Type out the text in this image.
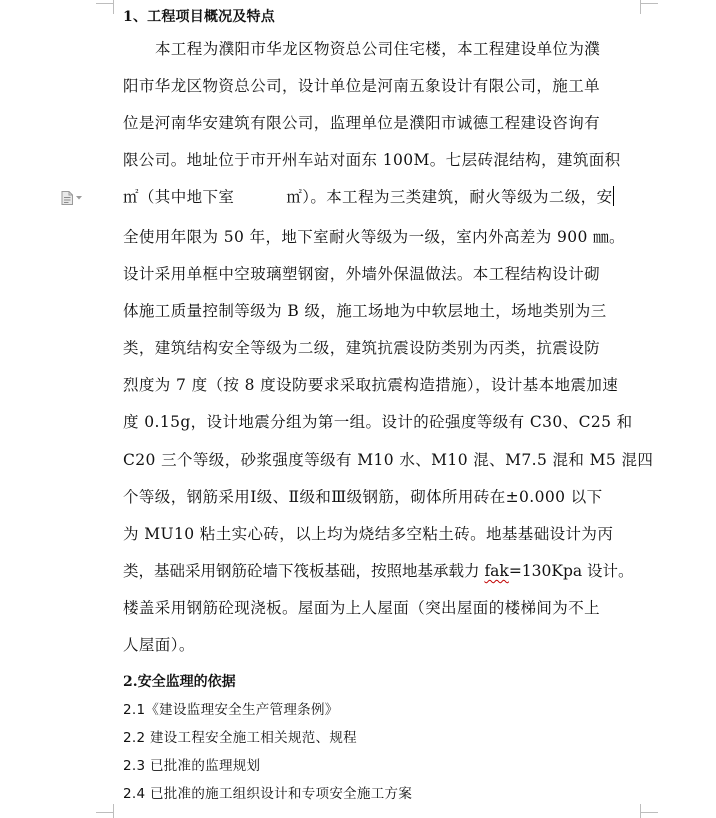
1、工程项目概况及特点
本工程为濮阳市华龙区物资总公司住宅楼，本工程建设单位为濮
阳市华龙区物资总公司，设计单位是河南五象设计有限公司，施工单
位是河南华安建筑有限公司，监理单位是濮阳市诚德工程建设咨询有
限公司。地址位于市开州车站对面东 100M。七层砖混结构，建筑面积
㎡（其中地下室	㎡）。本工程为三类建筑，耐火等级为二级，安
全使用年限为 50 年，地下室耐火等级为一级，室内外高差为 900 ㎜。
设计采用单框中空玻璃塑钢窗，外墙外保温做法。本工程结构设计砌
体施工质量控制等级为 B 级，施工场地为中软层地土，场地类别为三
类，建筑结构安全等级为二级，建筑抗震设防类别为丙类，抗震设防
烈度为 7 度（按 8 度设防要求采取抗震构造措施），设计基本地震加速
度 0.15g，设计地震分组为第一组。设计的砼强度等级有 C30、C25 和
C20 三个等级，砂浆强度等级有 M10 水、M10 混、M7.5 混和 M5 混四
个等级，钢筋采用Ⅰ级、Ⅱ级和Ⅲ级钢筋，砌体所用砖在±0.000 以下
为 MU10 粘土实心砖，以上均为烧结多空粘土砖。地基基础设计为丙
类，基础采用钢筋砼墙下筏板基础，按照地基承载力 fak=130Kpa 设计。
楼盖采用钢筋砼现浇板。屋面为上人屋面（突出屋面的楼梯间为不上
人屋面）。
2.安全监理的依据
2.1《建设监理安全生产管理条例》
2.2 建设工程安全施工相关规范、规程
2.3 已批准的监理规划
2.4 已批准的施工组织设计和专项安全施工方案
